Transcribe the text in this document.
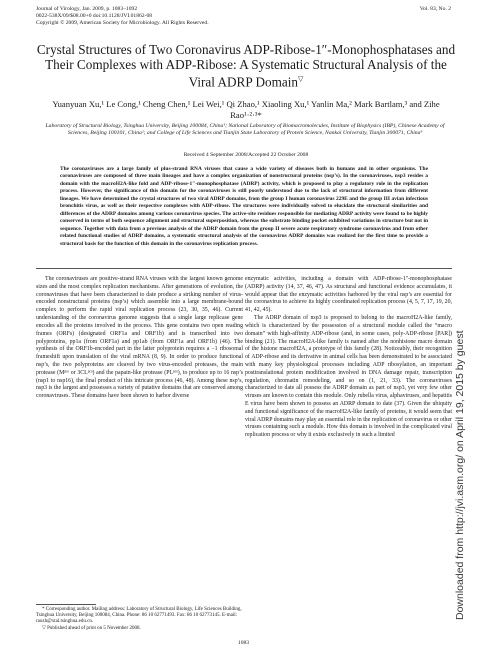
Journal of Virology, Jan. 2009, p. 1083–1092
0022-538X/09/$08.00+0 doi:10.1128/JVI.01862-08
Copyright © 2009, American Society for Microbiology. All Rights Reserved.
Vol. 83, No. 2
Crystal Structures of Two Coronavirus ADP-Ribose-1″-Monophosphatases and Their Complexes with ADP-Ribose: A Systematic Structural Analysis of the Viral ADRP Domain▽
Yuanyuan Xu,¹ Le Cong,¹ Cheng Chen,¹ Lei Wei,¹ Qi Zhao,¹ Xiaoling Xu,¹ Yanlin Ma,² Mark Bartlam,³ and Zihe Rao¹·²·³*
Laboratory of Structural Biology, Tsinghua University, Beijing 100084, China¹; National Laboratory of Biomacromolecules, Institute of Biophysics (IBP), Chinese Academy of Sciences, Beijing 100101, China²; and College of Life Sciences and Tianjin State Laboratory of Protein Science, Nankai University, Tianjin 300071, China³
Received 4 September 2008/Accepted 22 October 2008
The coronaviruses are a large family of plus-strand RNA viruses that cause a wide variety of diseases both in humans and in other organisms. The coronaviruses are composed of three main lineages and have a complex organization of nonstructural proteins (nsp’s). In the coronaviruses, nsp3 resides a domain with the macroH2A-like fold and ADP-ribose-1″-monophosphatase (ADRP) activity, which is proposed to play a regulatory role in the replication process. However, the significance of this domain for the coronaviruses is still poorly understood due to the lack of structural information from different lineages. We have determined the crystal structures of two viral ADRP domains, from the group I human coronavirus 229E and the group III avian infectious bronchitis virus, as well as their respective complexes with ADP-ribose. The structures were individually solved to elucidate the structural similarities and differences of the ADRP domains among various coronavirus species. The active-site residues responsible for mediating ADRP activity were found to be highly conserved in terms of both sequence alignment and structural superposition, whereas the substrate binding pocket exhibited variations in structure but not in sequence. Together with data from a previous analysis of the ADRP domain from the group II severe acute respiratory syndrome coronavirus and from other related functional studies of ADRP domains, a systematic structural analysis of the coronavirus ADRP domains was realized for the first time to provide a structural basis for the function of this domain in the coronavirus replication process.

The coronaviruses are positive-strand RNA viruses with the largest known genome sizes and the most complex replication mechanisms. After generations of evolution, the coronaviruses that have been characterized to date produce a striking number of virus-encoded nonstructural proteins (nsp’s) which assemble into a large membrane-bound complex to perform the rapid viral replication process (23, 30, 35, 46). Current understanding of the coronavirus genome suggests that a single large replicase gene encodes all the proteins involved in the process. This gene contains two open reading frames (ORFs) (designated ORF1a and ORF1b) and is transcribed into two polyproteins, pp1a (from ORF1a) and pp1ab (from ORF1a and ORF1b) (46). The synthesis of the ORF1b-encoded part in the latter polyprotein requires a −1 ribosomal frameshift upon translation of the viral mRNA (8, 9). In order to produce functional nsp’s, the two polyproteins are cleaved by two virus-encoded proteases, the main protease (Mᵖʳᵒ or 3CLᵖʳᵒ) and the papain-like protease (PLᵖʳᵒ), to produce up to 16 nsp’s (nsp1 to nsp16), the final product of this intricate process (46, 48). Among these nsp’s, nsp3 is the largest and possesses a variety of putative domains that are conserved among coronaviruses. These domains have been shown to harbor diverse

enzymatic activities, including a domain with ADP-ribose-1″-monophosphatase (ADRP) activity (14, 37, 46, 47). As structural and functional evidence accumulates, it would appear that the enzymatic activities harbored by the viral nsp’s are essential for the coronavirus to achieve its highly coordinated replication process (4, 5, 7, 17, 19, 20, 41, 42, 45).

The ADRP domain of nsp3 is proposed to belong to the macroH2A-like family, which is characterized by the possession of a structural module called the “macro domain” with high-affinity ADP-ribose (and, in some cases, poly-ADP-ribose [PAR]) binding (21). The macroH2A-like family is named after the nonhistone macro domain of the histone macroH2A, a prototype of this family (28). Noticeably, their recognition of ADP-ribose and its derivative in animal cells has been demonstrated to be associated with many key physiological processes including ADP ribosylation, an important posttranslational protein modification involved in DNA damage repair, transcription regulation, chromatin remodeling, and so on (1, 21, 33). The coronaviruses characterized to date all possess the ADRP domain as part of nsp3, yet very few other viruses are known to contain this module. Only rubella virus, alphaviruses, and hepatitis E virus have been shown to possess an ADRP domain to date (37). Given the ubiquity and functional significance of the macroH2A-like family of proteins, it would seem that viral ADRP domains may play an essential role in the replication of coronavirus or other viruses containing such a module. How this domain is involved in the complicated viral replication process or why it exists exclusively in such a limited

* Corresponding author. Mailing address: Laboratory of Structural Biology, Life Sciences Building, Tsinghua University, Beijing 100084, China. Phone: 86 10 62771493. Fax: 86 10 62773145. E-mail: raozh@xtal.tsinghua.edu.cn.

▽ Published ahead of print on 5 November 2008.

1083
Downloaded from http://jvi.asm.org/ on April 19, 2015 by guest
